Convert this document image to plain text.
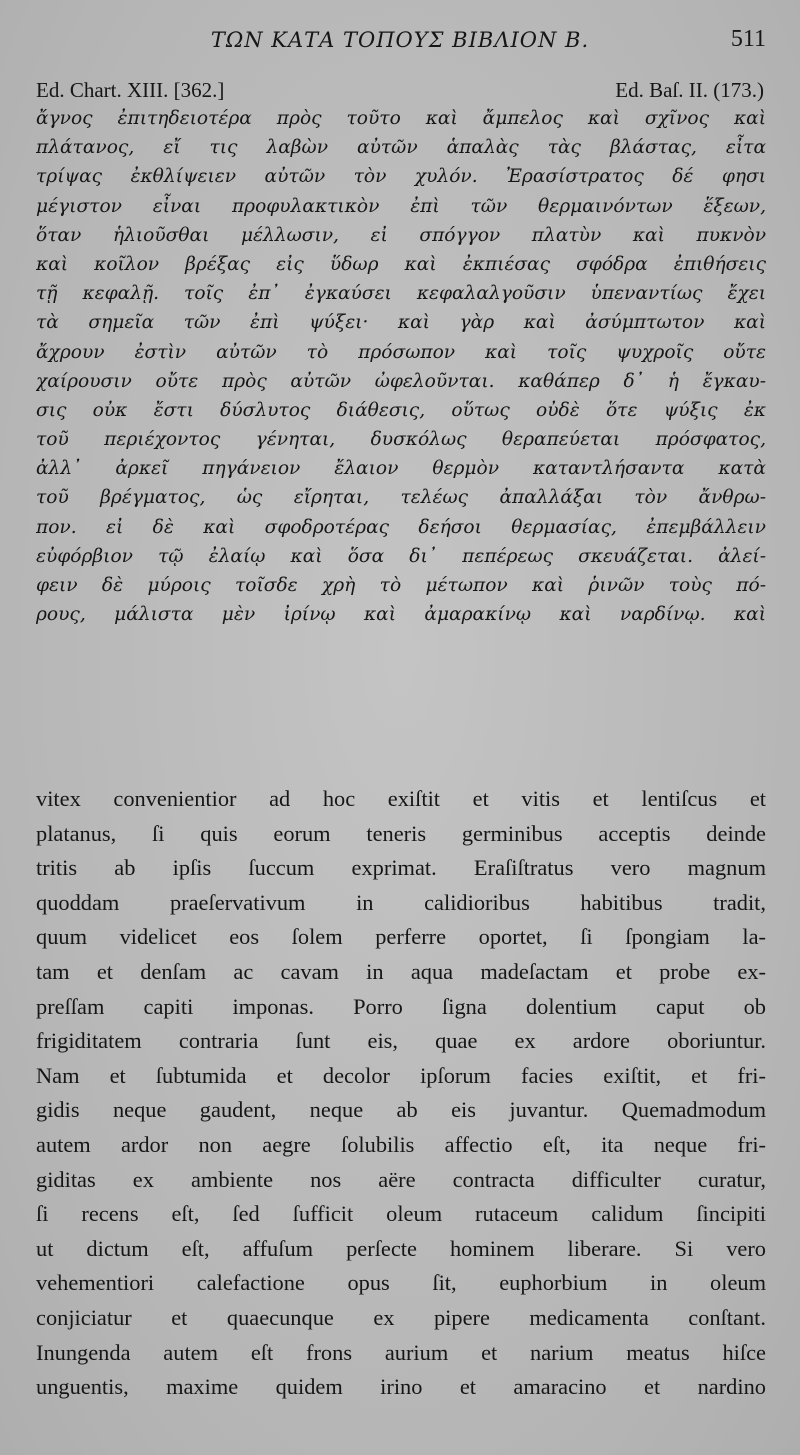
ΤΩΝ ΚΑΤΑ ΤΟΠΟΥΣ ΒΙΒΛΙΟΝ Β.	511
Ed. Chart. XIII. [362.]	Ed. Baſ. II. (173.)
ἄγνος ἐπιτηδειοτέρα πρὸς τοῦτο καὶ ἄμπελος καὶ σχῖνος καὶ
πλάτανος, εἴ τις λαβὼν αὐτῶν ἁπαλὰς τὰς βλάστας, εἶτα
τρίψας ἐκθλίψειεν αὐτῶν τὸν χυλόν. Ἐρασίστρατος δέ φησι
μέγιστον εἶναι προφυλακτικὸν ἐπὶ τῶν θερμαινόντων ἕξεων,
ὅταν ἡλιοῦσθαι μέλλωσιν, εἰ σπόγγον πλατὺν καὶ πυκνὸν
καὶ κοῖλον βρέξας εἰς ὕδωρ καὶ ἐκπιέσας σφόδρα ἐπιθήσεις
τῇ κεφαλῇ. τοῖς ἐπ᾽ ἐγκαύσει κεφαλαλγοῦσιν ὑπεναντίως ἔχει
τὰ σημεῖα τῶν ἐπὶ ψύξει· καὶ γὰρ καὶ ἀσύμπτωτον καὶ
ἄχρουν ἐστὶν αὐτῶν τὸ πρόσωπον καὶ τοῖς ψυχροῖς οὔτε
χαίρουσιν οὔτε πρὸς αὐτῶν ὠφελοῦνται. καθάπερ δ᾽ ἡ ἔγκαυ-
σις οὐκ ἔστι δύσλυτος διάθεσις, οὕτως οὐδὲ ὅτε ψύξις ἐκ
τοῦ περιέχοντος γένηται, δυσκόλως θεραπεύεται πρόσφατος,
ἀλλ᾽ ἀρκεῖ πηγάνειον ἔλαιον θερμὸν καταντλήσαντα κατὰ
τοῦ βρέγματος, ὡς εἴρηται, τελέως ἀπαλλάξαι τὸν ἄνθρω-
πον. εἰ δὲ καὶ σφοδροτέρας δεήσοι θερμασίας, ἐπεμβάλλειν
εὐφόρβιον τῷ ἐλαίῳ καὶ ὅσα δι᾽ πεπέρεως σκευάζεται. ἀλεί-
φειν δὲ μύροις τοῖσδε χρὴ τὸ μέτωπον καὶ ῥινῶν τοὺς πό-
ρους, μάλιστα μὲν ἰρίνῳ καὶ ἀμαρακίνῳ καὶ ναρδίνῳ. καὶ
vitex convenientior ad hoc exiſtit et vitis et lentiſcus et
platanus, ſi quis eorum teneris germinibus acceptis deinde
tritis ab ipſis ſuccum exprimat. Eraſiſtratus vero magnum
quoddam praeſervativum in calidioribus habitibus tradit,
quum videlicet eos ſolem perferre oportet, ſi ſpongiam la-
tam et denſam ac cavam in aqua madeſactam et probe ex-
preſſam capiti imponas. Porro ſigna dolentium caput ob
frigiditatem contraria ſunt eis, quae ex ardore oboriuntur.
Nam et ſubtumida et decolor ipſorum facies exiſtit, et fri-
gidis neque gaudent, neque ab eis juvantur. Quemadmodum
autem ardor non aegre ſolubilis affectio eſt, ita neque fri-
giditas ex ambiente nos aëre contracta difficulter curatur,
ſi recens eſt, ſed ſufficit oleum rutaceum calidum ſincipiti
ut dictum eſt, affuſum perſecte hominem liberare. Si vero
vehementiori calefactione opus ſit, euphorbium in oleum
conjiciatur et quaecunque ex pipere medicamenta conſtant.
Inungenda autem eſt frons aurium et narium meatus hiſce
unguentis, maxime quidem irino et amaracino et nardino
